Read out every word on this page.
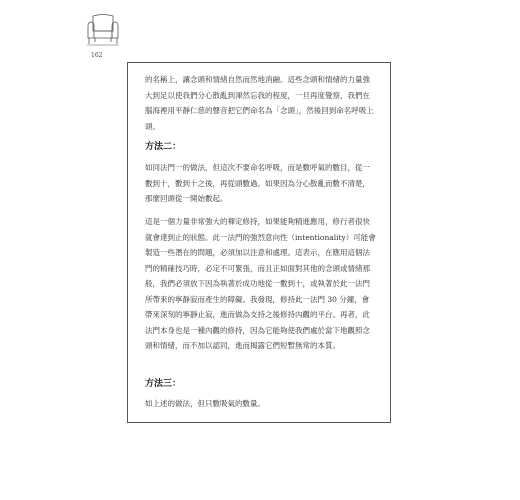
162

的名稱上，讓念頭和情緒自然而然地消融。這些念頭和情緒的力量強大到足以使我們分心散亂到渾然忘我的程度，一旦再度覺察，我們在腦海裡用平靜仁慈的聲音把它們命名為「念頭」，然後回到命名呼吸上頭。

方法二：

如同法門一的做法，但這次不要命名呼吸，而是數呼氣的數目，從一數到十，數到十之後，再從頭數過。如果因為分心散亂而數不清楚，那麼回頭從一開始數起。

這是一個力量非常強大的禪定修持，如果能夠精進應用，修行者很快就會達到止的狀態。此一法門的強烈意向性（intentionality）可能會製造一些潛在的問題，必須加以注意和處理。這表示，在應用這個法門的精確技巧時，必定不可緊張，而且正如面對其他的念頭或情緒那般，我們必須放下因為執著於成功地從一數到十，或執著於此一法門所帶來的寧靜寂而產生的障礙。我發現，修持此一法門 30 分鐘，會帶來深刻的寧靜止寂，進而做為支持之後修持內觀的平台。再者，此法門本身也是一種內觀的修持，因為它能夠使我們處於當下地觀照念頭和情緒，而不加以認同，進而揭露它們短暫無常的本質。

方法三：

如上述的做法，但只數吸氣的數量。
